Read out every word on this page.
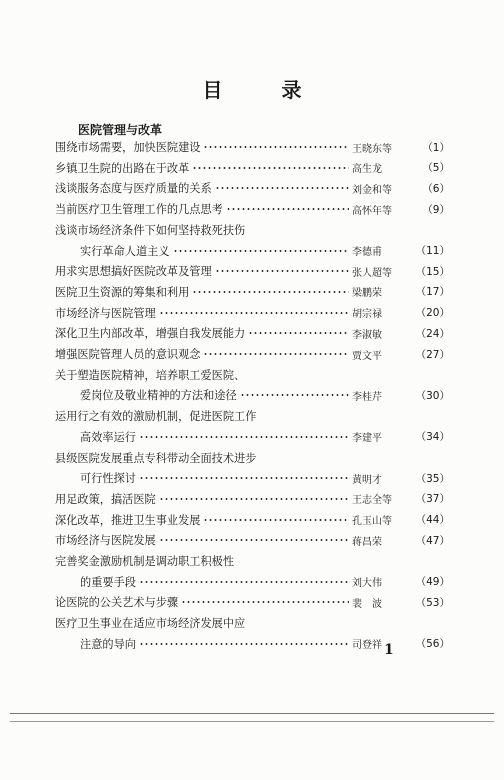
目 录
医院管理与改革
围绕市场需要，加快医院建设	王晓东等	（1）
乡镇卫生院的出路在于改革	高生龙	（5）
浅谈服务态度与医疗质量的关系	刘金和等	（6）
当前医疗卫生管理工作的几点思考	高怀年等	（9）
浅谈市场经济条件下如何坚持救死扶伤
实行革命人道主义	李德甫	（11）
用求实思想搞好医院改革及管理	张人超等	（15）
医院卫生资源的筹集和利用	梁鹏荣	（17）
市场经济与医院管理	胡宗禄	（20）
深化卫生内部改革，增强自我发展能力	李淑敏	（24）
增强医院管理人员的意识观念	贾文平	（27）
关于塑造医院精神，培养职工爱医院、
爱岗位及敬业精神的方法和途径	李桂芹	（30）
运用行之有效的激励机制，促进医院工作
高效率运行	李建平	（34）
县级医院发展重点专科带动全面技术进步
可行性探讨	黄明才	（35）
用足政策，搞活医院	王志全等	（37）
深化改革，推进卫生事业发展	孔玉山等	（44）
市场经济与医院发展	蒋昌荣	（47）
完善奖金激励机制是调动职工积极性
的重要手段	刘大伟	（49）
论医院的公关艺术与步骤	裴　波	（53）
医疗卫生事业在适应市场经济发展中应
注意的导向	司登祥	（56）
1
